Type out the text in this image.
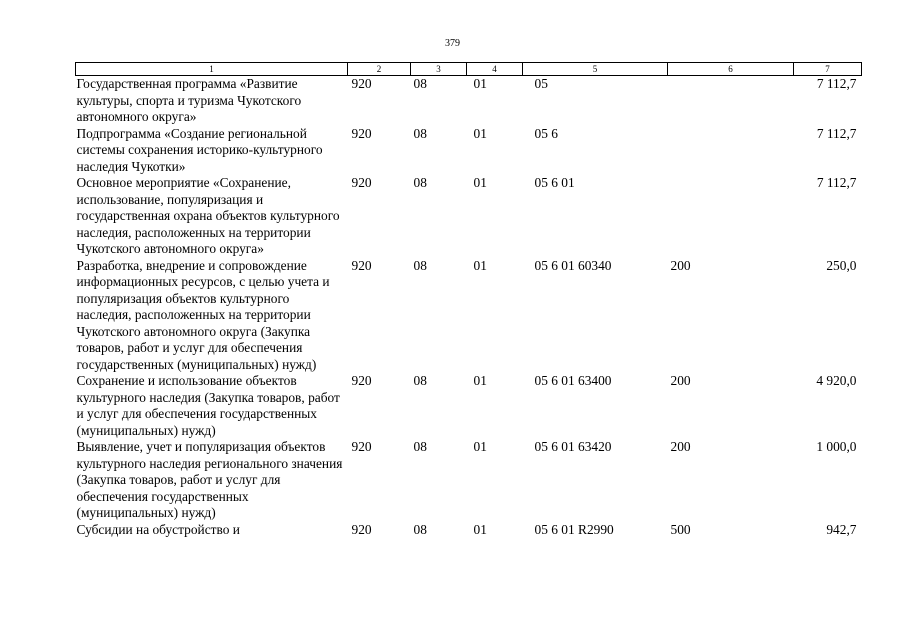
379
1	2	3	4	5	6	7
Государственная программа «Развитие культуры, спорта и туризма Чукотского автономного округа»	920	08	01	05		7 112,7
Подпрограмма «Создание региональной системы сохранения историко-культурного наследия Чукотки»	920	08	01	05 6		7 112,7
Основное мероприятие «Сохранение, использование, популяризация и государственная охрана объектов культурного наследия, расположенных на территории Чукотского автономного округа»	920	08	01	05 6 01		7 112,7
Разработка, внедрение и сопровождение информационных ресурсов, с целью учета и популяризация объектов культурного наследия, расположенных на территории Чукотского автономного округа (Закупка товаров, работ и услуг для обеспечения государственных (муниципальных) нужд)	920	08	01	05 6 01 60340	200	250,0
Сохранение и использование объектов культурного наследия (Закупка товаров, работ и услуг для обеспечения государственных (муниципальных) нужд)	920	08	01	05 6 01 63400	200	4 920,0
Выявление, учет и популяризация объектов культурного наследия регионального значения (Закупка товаров, работ и услуг для обеспечения государственных (муниципальных) нужд)	920	08	01	05 6 01 63420	200	1 000,0
Субсидии на обустройство и	920	08	01	05 6 01 R2990	500	942,7
